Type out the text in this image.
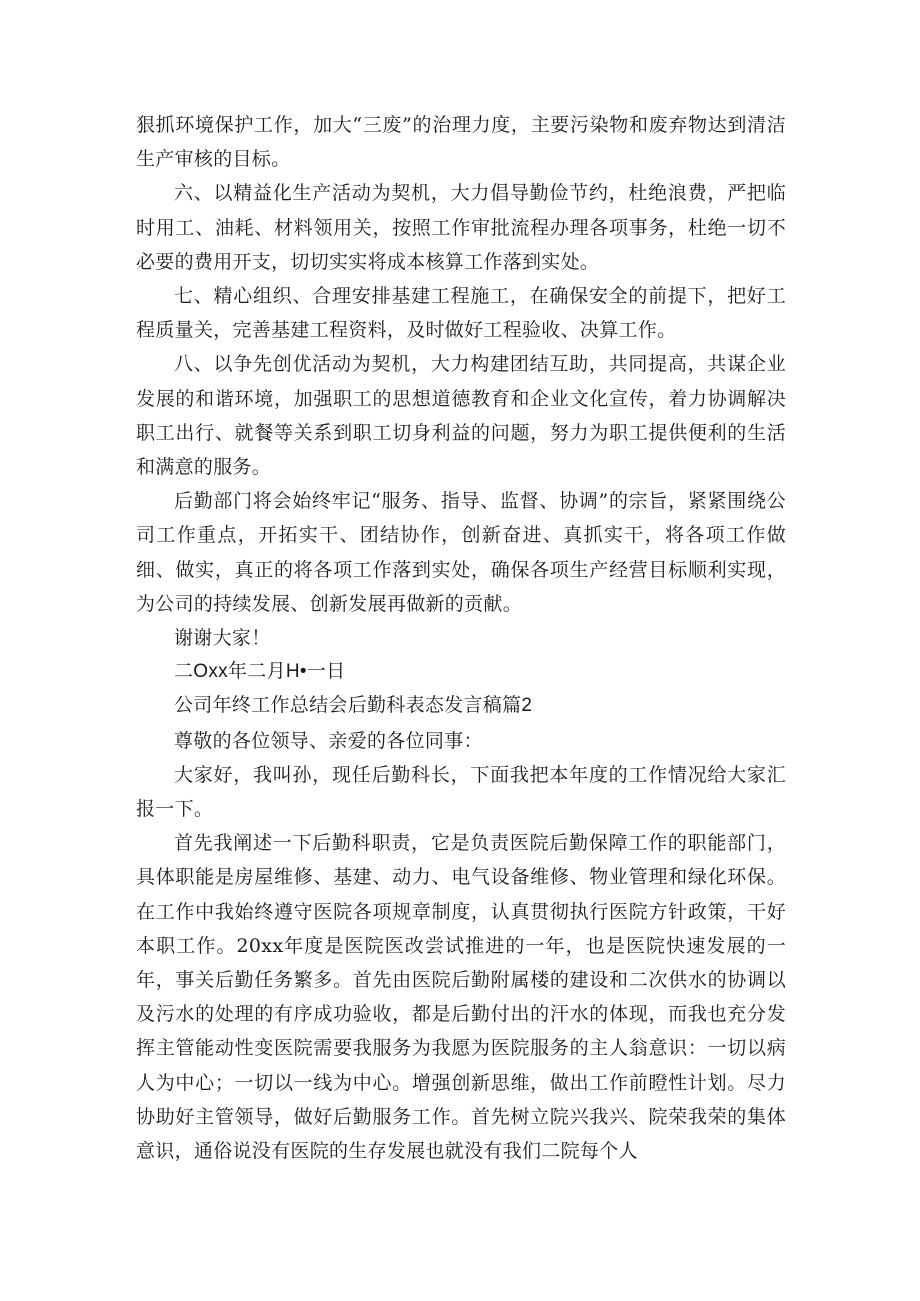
狠抓环境保护工作，加大“三废”的治理力度，主要污染物和废弃物达到清洁生产审核的目标。

六、以精益化生产活动为契机，大力倡导勤俭节约，杜绝浪费，严把临时用工、油耗、材料领用关，按照工作审批流程办理各项事务，杜绝一切不必要的费用开支，切切实实将成本核算工作落到实处。

七、精心组织、合理安排基建工程施工，在确保安全的前提下，把好工程质量关，完善基建工程资料，及时做好工程验收、决算工作。

八、以争先创优活动为契机，大力构建团结互助，共同提高，共谋企业发展的和谐环境，加强职工的思想道德教育和企业文化宣传，着力协调解决职工出行、就餐等关系到职工切身利益的问题，努力为职工提供便利的生活和满意的服务。

后勤部门将会始终牢记“服务、指导、监督、协调”的宗旨，紧紧围绕公司工作重点，开拓实干、团结协作，创新奋进、真抓实干，将各项工作做细、做实，真正的将各项工作落到实处，确保各项生产经营目标顺利实现，为公司的持续发展、创新发展再做新的贡献。

谢谢大家！

二Oxx年二月H•一日

公司年终工作总结会后勤科表态发言稿篇2

尊敬的各位领导、亲爱的各位同事：

大家好，我叫孙，现任后勤科长，下面我把本年度的工作情况给大家汇报一下。

首先我阐述一下后勤科职责，它是负责医院后勤保障工作的职能部门，具体职能是房屋维修、基建、动力、电气设备维修、物业管理和绿化环保。在工作中我始终遵守医院各项规章制度，认真贯彻执行医院方针政策，干好本职工作。20xx年度是医院医改尝试推进的一年，也是医院快速发展的一年，事关后勤任务繁多。首先由医院后勤附属楼的建设和二次供水的协调以及污水的处理的有序成功验收，都是后勤付出的汗水的体现，而我也充分发挥主管能动性变医院需要我服务为我愿为医院服务的主人翁意识：一切以病人为中心；一切以一线为中心。增强创新思维，做出工作前瞪性计划。尽力协助好主管领导，做好后勤服务工作。首先树立院兴我兴、院荣我荣的集体意识，通俗说没有医院的生存发展也就没有我们二院每个人
